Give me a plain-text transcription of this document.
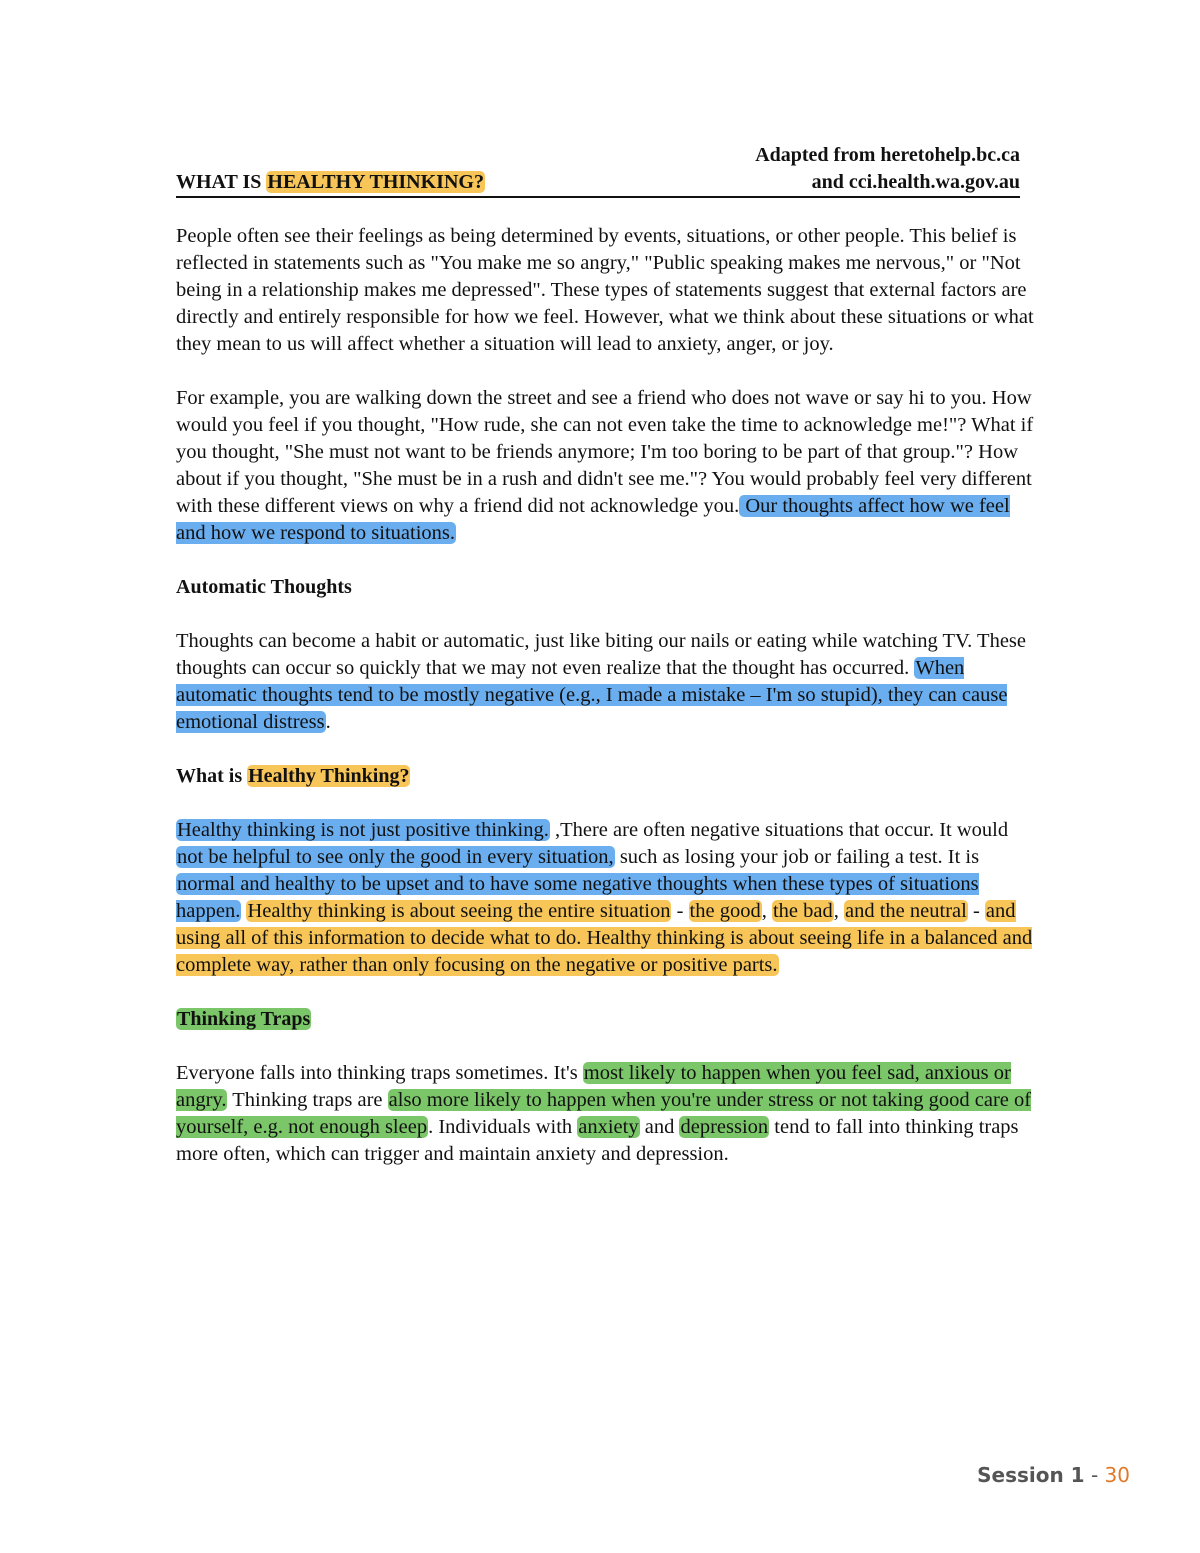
Adapted from heretohelp.bc.ca
WHAT IS HEALTHY THINKING?	and cci.health.wa.gov.au

People often see their feelings as being determined by events, situations, or other people. This belief is reflected in statements such as "You make me so angry," "Public speaking makes me nervous," or "Not being in a relationship makes me depressed". These types of statements suggest that external factors are directly and entirely responsible for how we feel. However, what we think about these situations or what they mean to us will affect whether a situation will lead to anxiety, anger, or joy.

For example, you are walking down the street and see a friend who does not wave or say hi to you. How would you feel if you thought, "How rude, she can not even take the time to acknowledge me!"? What if you thought, "She must not want to be friends anymore; I'm too boring to be part of that group."? How about if you thought, "She must be in a rush and didn't see me."? You would probably feel very different with these different views on why a friend did not acknowledge you. Our thoughts affect how we feel and how we respond to situations.

Automatic Thoughts

Thoughts can become a habit or automatic, just like biting our nails or eating while watching TV. These thoughts can occur so quickly that we may not even realize that the thought has occurred. When automatic thoughts tend to be mostly negative (e.g., I made a mistake – I'm so stupid), they can cause emotional distress.

What is Healthy Thinking?

Healthy thinking is not just positive thinking. ,There are often negative situations that occur. It would not be helpful to see only the good in every situation, such as losing your job or failing a test. It is normal and healthy to be upset and to have some negative thoughts when these types of situations happen. Healthy thinking is about seeing the entire situation - the good, the bad, and the neutral - and using all of this information to decide what to do. Healthy thinking is about seeing life in a balanced and complete way, rather than only focusing on the negative or positive parts.

Thinking Traps

Everyone falls into thinking traps sometimes. It's most likely to happen when you feel sad, anxious or angry. Thinking traps are also more likely to happen when you're under stress or not taking good care of yourself, e.g. not enough sleep. Individuals with anxiety and depression tend to fall into thinking traps more often, which can trigger and maintain anxiety and depression.

Session 1 - 30
